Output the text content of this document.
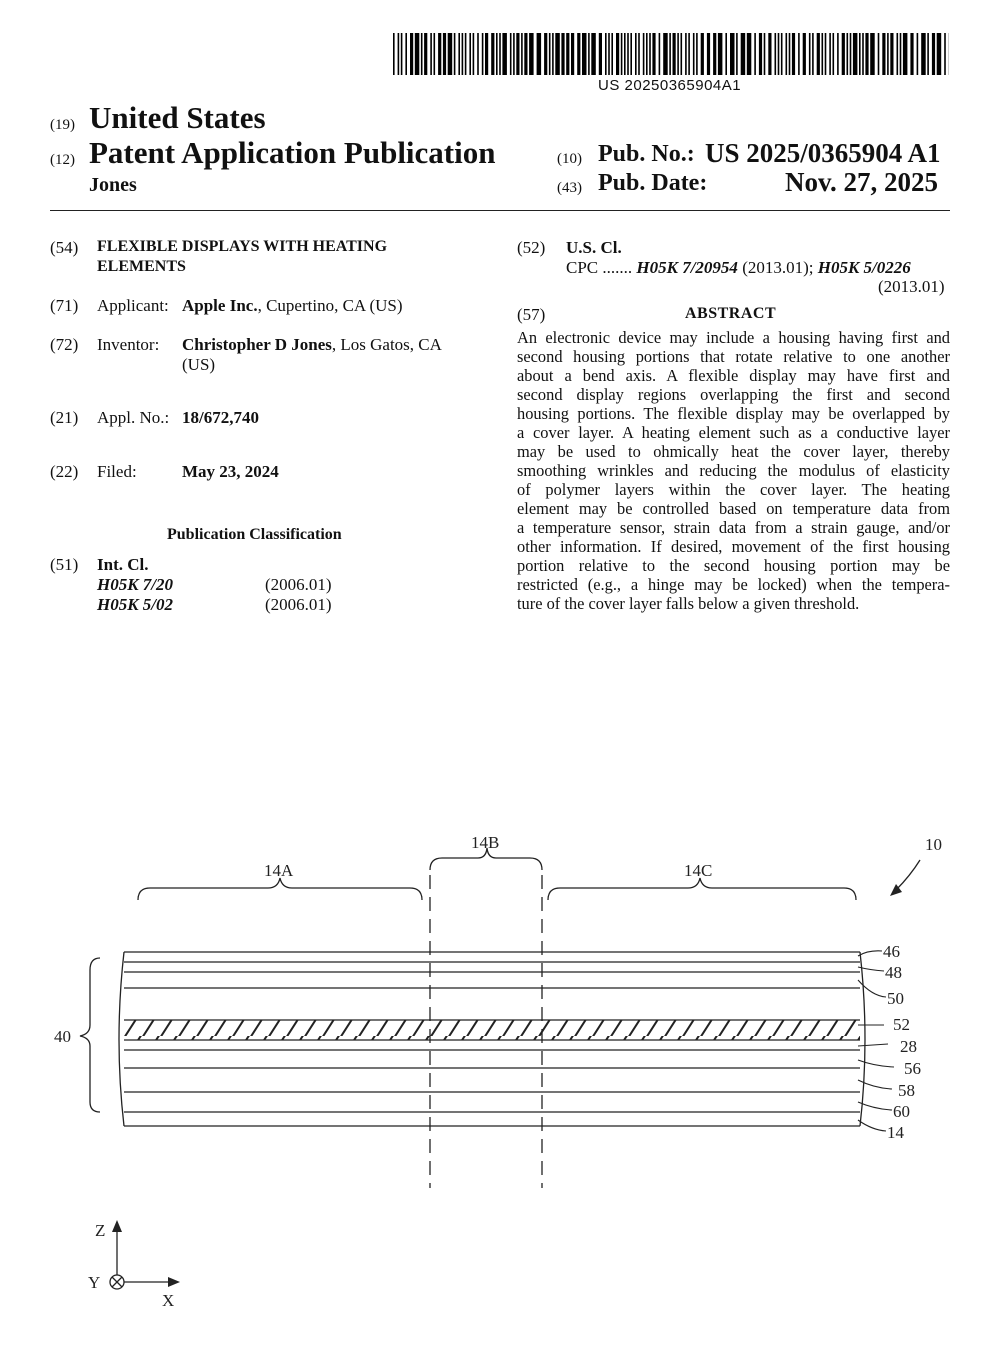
US 20250365904A1
(19) United States
(12) Patent Application Publication
Jones
(10) Pub. No.: US 2025/0365904 A1
(43) Pub. Date:	Nov. 27, 2025
(54) FLEXIBLE DISPLAYS WITH HEATING
ELEMENTS
(71) Applicant: Apple Inc., Cupertino, CA (US)
(72) Inventor: Christopher D Jones, Los Gatos, CA
(US)
(21) Appl. No.: 18/672,740
(22) Filed:	May 23, 2024
Publication Classification
(51) Int. Cl.
H05K 7/20	(2006.01)
H05K 5/02	(2006.01)
(52) U.S. Cl.
CPC ....... H05K 7/20954 (2013.01); H05K 5/0226
(2013.01)
(57)	ABSTRACT
An electronic device may include a housing having first and
second housing portions that rotate relative to one another
about a bend axis. A flexible display may have first and
second display regions overlapping the first and second
housing portions. The flexible display may be overlapped by
a cover layer. A heating element such as a conductive layer
may be used to ohmically heat the cover layer, thereby
smoothing wrinkles and reducing the modulus of elasticity
of polymer layers within the cover layer. The heating
element may be controlled based on temperature data from
a temperature sensor, strain data from a strain gauge, and/or
other information. If desired, movement of the first housing
portion relative to the second housing portion may be
restricted (e.g., a hinge may be locked) when the tempera-
ture of the cover layer falls below a given threshold.
14A
14B
14C
10
40
46
48
50
52
28
56
58
60
14
Z
Y
X
